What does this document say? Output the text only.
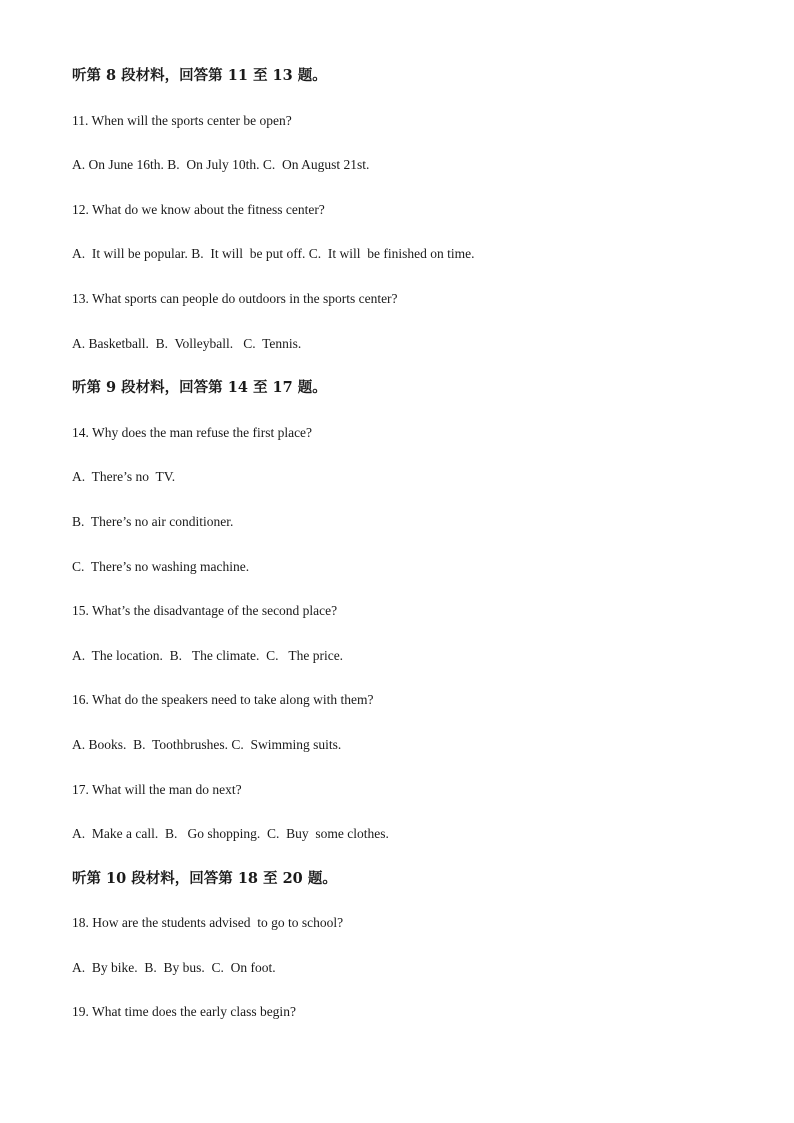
听第 8 段材料，回答第 11 至 13 题。
11. When will the sports center be open?
A. On June 16th. B.  On July 10th. C.  On August 21st.
12. What do we know about the fitness center?
A.  It will be popular. B.  It will  be put off. C.  It will  be finished on time.
13. What sports can people do outdoors in the sports center?
A. Basketball.  B.  Volleyball.   C.  Tennis.
听第 9 段材料，回答第 14 至 17 题。
14. Why does the man refuse the first place?
A.  There’s no  TV.
B.  There’s no air conditioner.
C.  There’s no washing machine.
15. What’s the disadvantage of the second place?
A.  The location.  B.   The climate.  C.   The price.
16. What do the speakers need to take along with them?
A. Books.  B.  Toothbrushes. C.  Swimming suits.
17. What will the man do next?
A.  Make a call.  B.   Go shopping.  C.  Buy  some clothes.
听第 10 段材料，回答第 18 至 20 题。
18. How are the students advised  to go to school?
A.  By bike.  B.  By bus.  C.  On foot.
19. What time does the early class begin?
